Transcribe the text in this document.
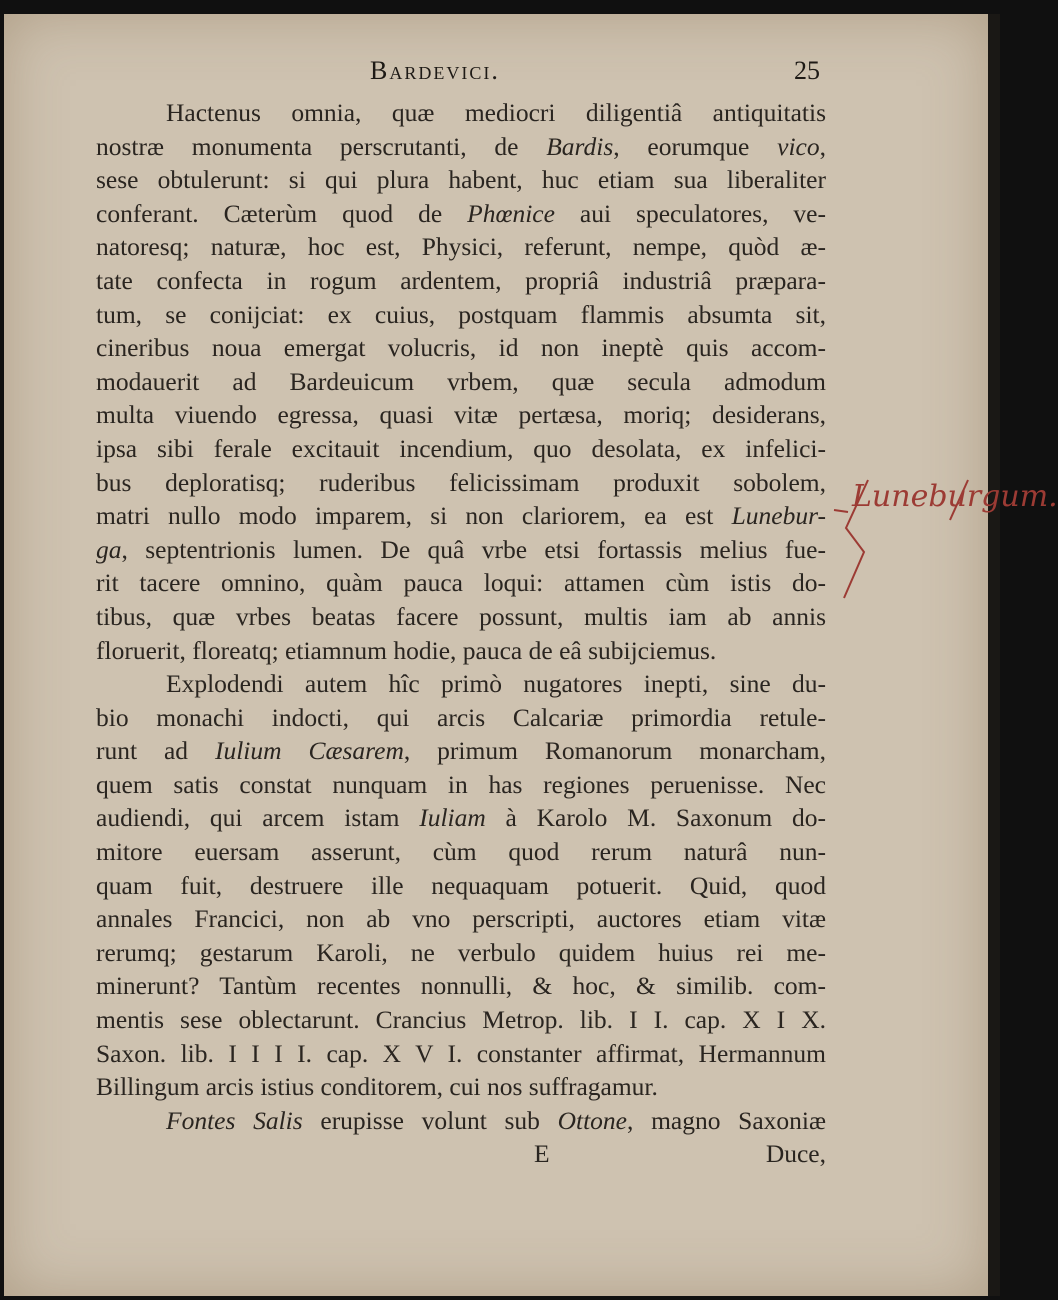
Bardevici.	25
Hactenus omnia, quæ mediocri diligentiâ antiquitatis
nostræ monumenta perscrutanti, de Bardis, eorumque vico,
sese obtulerunt: si qui plura habent, huc etiam sua liberaliter
conferant. Cæterùm quod de Phœnice aui speculatores, ve-
natoresq; naturæ, hoc est, Physici, referunt, nempe, quòd æ-
tate confecta in rogum ardentem, propriâ industriâ præpara-
tum, se conijciat: ex cuius, postquam flammis absumta sit,
cineribus noua emergat volucris, id non ineptè quis accom-
modauerit ad Bardeuicum vrbem, quæ secula admodum
multa viuendo egressa, quasi vitæ pertæsa, moriq; desiderans,
ipsa sibi ferale excitauit incendium, quo desolata, ex infelici-
bus deploratisq; ruderibus felicissimam produxit sobolem,
matri nullo modo imparem, si non clariorem, ea est Lunebur-
ga, septentrionis lumen. De quâ vrbe etsi fortassis melius fue-
rit tacere omnino, quàm pauca loqui: attamen cùm istis do-
tibus, quæ vrbes beatas facere possunt, multis iam ab annis
floruerit, floreatq; etiamnum hodie, pauca de eâ subijciemus.
Explodendi autem hîc primò nugatores inepti, sine du-
bio monachi indocti, qui arcis Calcariæ primordia retule-
runt ad Iulium Cæsarem, primum Romanorum monarcham,
quem satis constat nunquam in has regiones peruenisse. Nec
audiendi, qui arcem istam Iuliam à Karolo M. Saxonum do-
mitore euersam asserunt, cùm quod rerum naturâ nun-
quam fuit, destruere ille nequaquam potuerit. Quid, quod
annales Francici, non ab vno perscripti, auctores etiam vitæ
rerumq; gestarum Karoli, ne verbulo quidem huius rei me-
minerunt? Tantùm recentes nonnulli, & hoc, & similib. com-
mentis sese oblectarunt. Crancius Metrop. lib. I I. cap. X I X.
Saxon. lib. I I I I. cap. X V I. constanter affirmat, Hermannum
Billingum arcis istius conditorem, cui nos suffragamur.
Fontes Salis erupisse volunt sub Ottone, magno Saxoniæ
E	Duce,
Luneburgum.
